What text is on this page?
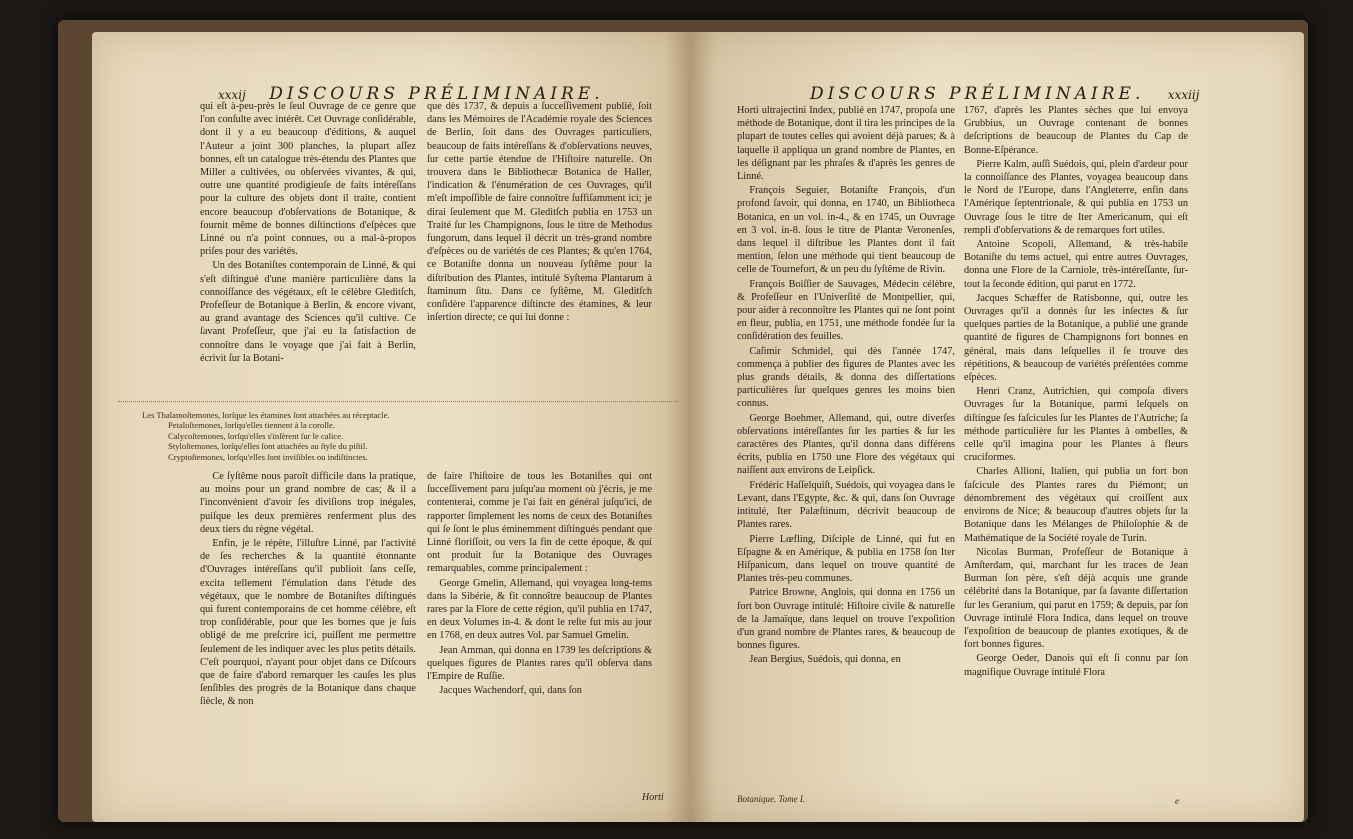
xxxij DISCOURS PRÉLIMINAIRE.	DISCOURS PRÉLIMINAIRE. xxxiij

qui eſt à-peu-près le ſeul Ouvrage de ce genre que l'on conſulte avec intérêt. Cet Ouvrage conſidérable, dont il y a eu beaucoup d'éditions, & auquel l'Auteur a joint 300 planches, la plupart aſſez bonnes, eſt un catalogue très-étendu des Plantes que Miller a cultivées, ou obſervées vivantes, & qui, outre une quantité prodigieuſe de faits intéreſſans pour la culture des objets dont il traite, contient encore beaucoup d'obſervations de Botanique, & fournit même de bonnes diſtinctions d'eſpèces que Linné ou n'a point connues, ou a mal-à-propos priſes pour des variétés.

Un des Botaniſtes contemporain de Linné, & qui s'eſt diſtingué d'une manière particulière dans la connoiſſance des végétaux, eſt le célèbre Gleditſch, Profeſſeur de Botanique à Berlin, & encore vivant, au grand avantage des Sciences qu'il cultive. Ce ſavant Profeſſeur, que j'ai eu la ſatisfaction de connoître dans le voyage que j'ai fait à Berlin, écrivit ſur la Botani-

que dès 1737, & depuis a ſucceſſivement publié, ſoit dans les Mémoires de l'Académie royale des Sciences de Berlin, ſoit dans des Ouvrages particuliers, beaucoup de faits intéreſſans & d'obſervations neuves, ſur cette partie étendue de l'Hiſtoire naturelle. On trouvera dans le Bibliothecæ Botanica de Haller, l'indication & l'énumération de ces Ouvrages, qu'il m'eſt impoſſible de faire connoître ſuffiſamment ici; je dirai ſeulement que M. Gleditſch publia en 1753 un Traité ſur les Champignons, ſous le titre de Methodus fungorum, dans lequel il décrit un très-grand nombre d'eſpèces ou de variétés de ces Plantes; & qu'en 1764, ce Botaniſte donna un nouveau ſyſtême pour la diſtribution des Plantes, intitulé Syſtema Plantarum à ſtaminum ſitu. Dans ce ſyſtême, M. Gleditſch conſidère l'apparence diſtincte des étamines, & leur inſertion directe; ce qui lui donne :

Les Thalamoſtemones, lorſque les étamines ſont attachées au réceptacle.
Petaloſtemones, lorſqu'elles tiennent à la corolle.
Calycoſtemones, lorſqu'elles s'inſèrent ſur le calice.
Styloſtemones, lorſqu'elles ſont attachées au ſtyle du piſtil.
Cryptoſtemones, lorſqu'elles ſont inviſibles ou indiſtinctes.

Ce ſyſtême nous paroît difficile dans la pratique, au moins pour un grand nombre de cas; & il a l'inconvénient d'avoir ſes diviſions trop inégales, puiſque les deux premières renferment plus des deux tiers du règne végétal.

Enfin, je le répète, l'illuſtre Linné, par l'activité de ſes recherches & la quantité étonnante d'Ouvrages intéreſſans qu'il publioit ſans ceſſe, excita tellement l'émulation dans l'étude des végétaux, que le nombre de Botaniſtes diſtingués qui furent contemporains de cet homme célèbre, eſt trop conſidérable, pour que les bornes que je ſuis obligé de me preſcrire ici, puiſſent me permettre ſeulement de les indiquer avec les plus petits détails. C'eſt pourquoi, n'ayant pour objet dans ce Diſcours que de faire d'abord remarquer les cauſes les plus ſenſibles des progrès de la Botanique dans chaque ſiècle, & non

de faire l'hiſtoire de tous les Botaniſtes qui ont ſucceſſivement paru juſqu'au moment où j'écris, je me contenterai, comme je l'ai fait en général juſqu'ici, de rapporter ſimplement les noms de ceux des Botaniſtes qui ſe ſont le plus éminemment diſtingués pendant que Linné floriſſoit, ou vers la fin de cette époque, & qui ont produit ſur la Botanique des Ouvrages remarquables, comme principalement :

George Gmelin, Allemand, qui voyagea long-tems dans la Sibérie, & fit connoître beaucoup de Plantes rares par la Flore de cette région, qu'il publia en 1747, en deux Volumes in-4. & dont le reſte fut mis au jour en 1768, en deux autres Vol. par Samuel Gmelin.

Jean Amman, qui donna en 1739 les deſcriptions & quelques figures de Plantes rares qu'il obſerva dans l'Empire de Ruſſie.

Jacques Wachendorf, qui, dans ſon

Horti

Horti ultrajectini Index, publié en 1747, propoſa une méthode de Botanique, dont il tira les principes de la plupart de toutes celles qui avoient déjà parues; & à laquelle il appliqua un grand nombre de Plantes, en les déſignant par les phraſes & d'après les genres de Linné.

François Seguier, Botaniſte François, d'un profond ſavoir, qui donna, en 1740, un Bibliotheca Botanica, en un vol. in-4., & en 1745, un Ouvrage en 3 vol. in-8. ſous le titre de Plantæ Veronenſes, dans lequel il diſtribue les Plantes dont il fait mention, ſelon une méthode qui tient beaucoup de celle de Tournefort, & un peu du ſyſtême de Rivin.

François Boiſſier de Sauvages, Médecin célèbre, & Profeſſeur en l'Univerſité de Montpellier, qui, pour aider à reconnoître les Plantes qui ne ſont point en fleur, publia, en 1751, une méthode fondée ſur la conſidération des feuilles.

Caſimir Schmidel, qui dès l'année 1747, commença à publier des figures de Plantes avec les plus grands détails, & donna des diſſertations particulières ſur quelques genres les moins bien connus.

George Boehmer, Allemand, qui, outre diverſes obſervations intéreſſantes ſur les parties & ſur les caractères des Plantes, qu'il donna dans différens écrits, publia en 1750 une Flore des végétaux qui naiſſent aux environs de Leipſick.

Frédéric Haſſelquiſt, Suédois, qui voyagea dans le Levant, dans l'Egypte, &c. & qui, dans ſon Ouvrage intitulé, Iter Palæſtinum, décrivit beaucoup de Plantes rares.

Pierre Lœfling, Diſciple de Linné, qui fut en Eſpagne & en Amérique, & publia en 1758 ſon Iter Hiſpanicum, dans lequel on trouve quantité de Plantes très-peu communes.

Patrice Browne, Anglois, qui donna en 1756 un fort bon Ouvrage intitulé: Hiſtoire civile & naturelle de la Jamaïque, dans lequel on trouve l'expoſition d'un grand nombre de Plantes rares, & beaucoup de bonnes figures.

Jean Bergius, Suédois, qui donna, en

1767, d'après les Plantes sèches que lui envoya Grubbius, un Ouvrage contenant de bonnes deſcriptions de beaucoup de Plantes du Cap de Bonne-Eſpérance.

Pierre Kalm, auſſi Suédois, qui, plein d'ardeur pour la connoiſſance des Plantes, voyagea beaucoup dans le Nord de l'Europe, dans l'Angleterre, enfin dans l'Amérique ſeptentrionale, & qui publia en 1753 un Ouvrage ſous le titre de Iter Americanum, qui eſt rempli d'obſervations & de remarques fort utiles.

Antoine Scopoli, Allemand, & très-habile Botaniſte du tems actuel, qui entre autres Ouvrages, donna une Flore de la Carniole, très-intéreſſante, ſur-tout la ſeconde édition, qui parut en 1772.

Jacques Schæffer de Ratisbonne, qui, outre les Ouvrages qu'il a donnés ſur les inſectes & ſur quelques parties de la Botanique, a publié une grande quantité de figures de Champignons fort bonnes en général, mais dans leſquelles il ſe trouve des répétitions, & beaucoup de variétés préſentées comme eſpèces.

Henri Cranz, Autrichien, qui compoſa divers Ouvrages ſur la Botanique, parmi leſquels on diſtingue ſes faſcicules ſur les Plantes de l'Autriche; ſa méthode particulière ſur les Plantes à ombelles, & celle qu'il imagina pour les Plantes à fleurs cruciformes.

Charles Allioni, Italien, qui publia un fort bon faſcicule des Plantes rares du Piémont; un dénombrement des végétaux qui croiſſent aux environs de Nice; & beaucoup d'autres objets ſur la Botanique dans les Mélanges de Philoſophie & de Mathématique de la Société royale de Turin.

Nicolas Burman, Profeſſeur de Botanique à Amſterdam, qui, marchant ſur les traces de Jean Burman ſon père, s'eſt déjà acquis une grande célébrité dans la Botanique, par ſa ſavante diſſertation ſur les Geranium, qui parut en 1759; & depuis, par ſon Ouvrage intitulé Flora Indica, dans lequel on trouve l'expoſition de beaucoup de plantes exotiques, & de fort bonnes figures.

George Oeder, Danois qui eſt ſi connu par ſon magnifique Ouvrage intitulé Flora

Botanique. Tome I.	e
